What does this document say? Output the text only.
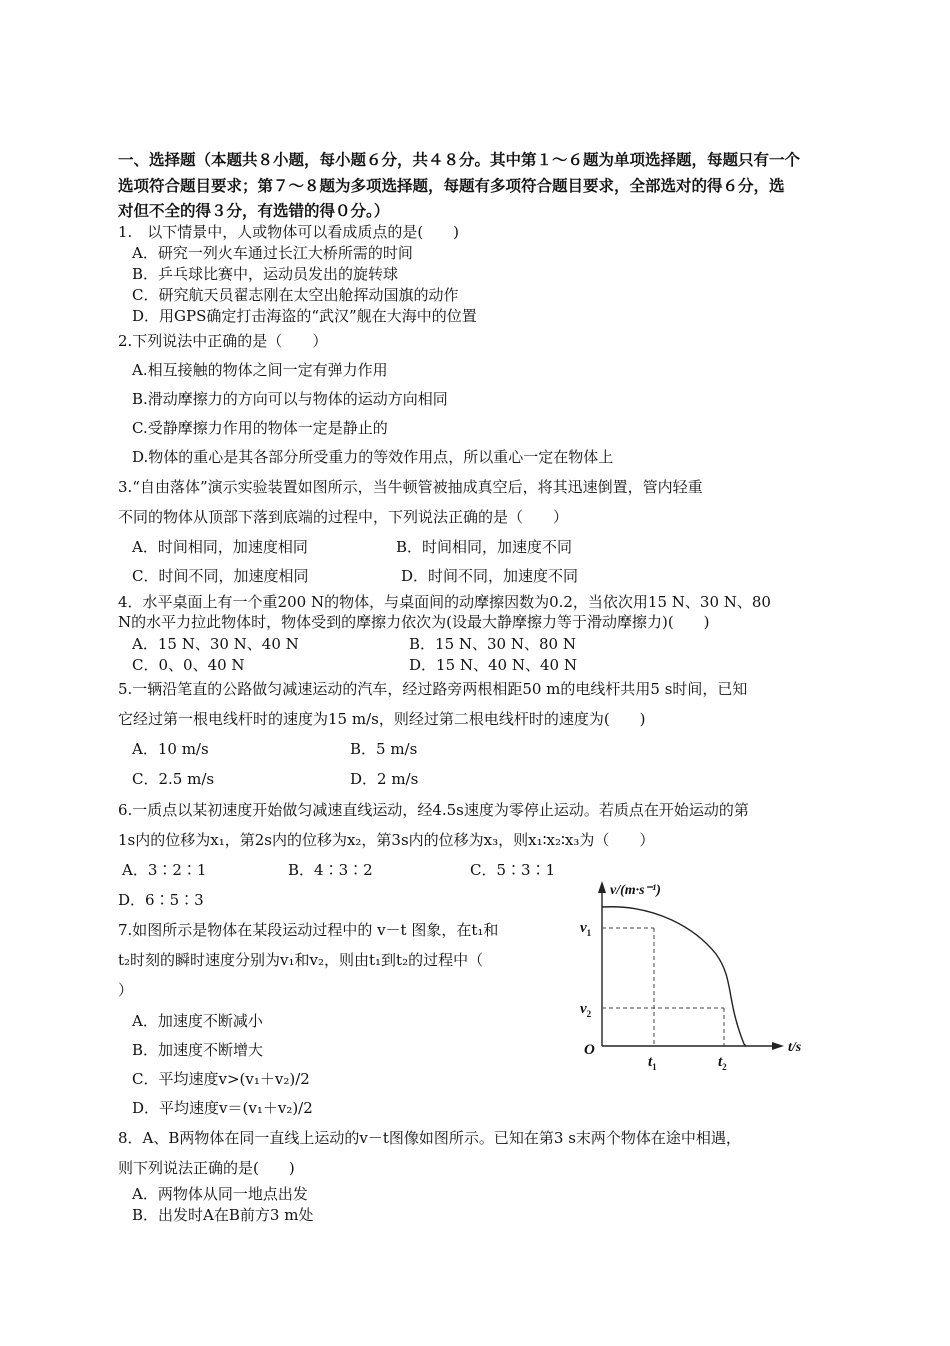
一、选择题（本题共８小题，每小题６分，共４８分。其中第１～６题为单项选择题，每题只有一个
选项符合题目要求；第７～８题为多项选择题，每题有多项符合题目要求，全部选对的得６分，选
对但不全的得３分，有选错的得０分。）
1.　以下情景中，人或物体可以看成质点的是(　　)
A．研究一列火车通过长江大桥所需的时间
B．乒乓球比赛中，运动员发出的旋转球
C．研究航天员翟志刚在太空出舱挥动国旗的动作
D．用GPS确定打击海盗的“武汉”舰在大海中的位置
2.下列说法中正确的是（　　）
A.相互接触的物体之间一定有弹力作用
B.滑动摩擦力的方向可以与物体的运动方向相同
C.受静摩擦力作用的物体一定是静止的
D.物体的重心是其各部分所受重力的等效作用点，所以重心一定在物体上
3.“自由落体”演示实验装置如图所示，当牛顿管被抽成真空后，将其迅速倒置，管内轻重
不同的物体从顶部下落到底端的过程中，下列说法正确的是（　　）
A．时间相同，加速度相同	B．时间相同，加速度不同
C．时间不同，加速度相同	D．时间不同，加速度不同
4．水平桌面上有一个重200 N的物体，与桌面间的动摩擦因数为0.2，当依次用15 N、30 N、80
N的水平力拉此物体时，物体受到的摩擦力依次为(设最大静摩擦力等于滑动摩擦力)(　　)
A．15 N、30 N、40 N	B．15 N、30 N、80 N
C．0、0、40 N	D．15 N、40 N、40 N
5.一辆沿笔直的公路做匀减速运动的汽车，经过路旁两根相距50 m的电线杆共用5 s时间，已知
它经过第一根电线杆时的速度为15 m/s，则经过第二根电线杆时的速度为(　　)
A．10 m/s	B．5 m/s
C．2.5 m/s	D．2 m/s
6.一质点以某初速度开始做匀减速直线运动，经4.5s速度为零停止运动。若质点在开始运动的第
1s内的位移为x₁，第2s内的位移为x₂，第3s内的位移为x₃，则x₁∶x₂∶x₃为（　　）
A．3∶2∶1	B．4∶3∶2	C．5∶3∶1
D．6∶5∶3
7.如图所示是物体在某段运动过程中的 v－t 图象，在t₁和
t₂时刻的瞬时速度分别为v₁和v₂，则由t₁到t₂的过程中（
）
A．加速度不断减小
B．加速度不断增大
C．平均速度v>(v₁＋v₂)/2
D．平均速度v＝(v₁＋v₂)/2
8．A、B两物体在同一直线上运动的v－t图像如图所示。已知在第3 s末两个物体在途中相遇，
则下列说法正确的是(　　)
A．两物体从同一地点出发
B．出发时A在B前方3 m处
v/(m·s⁻¹)
t/s
O
$v_1$
$v_2$
$t_1$	$t_2$
